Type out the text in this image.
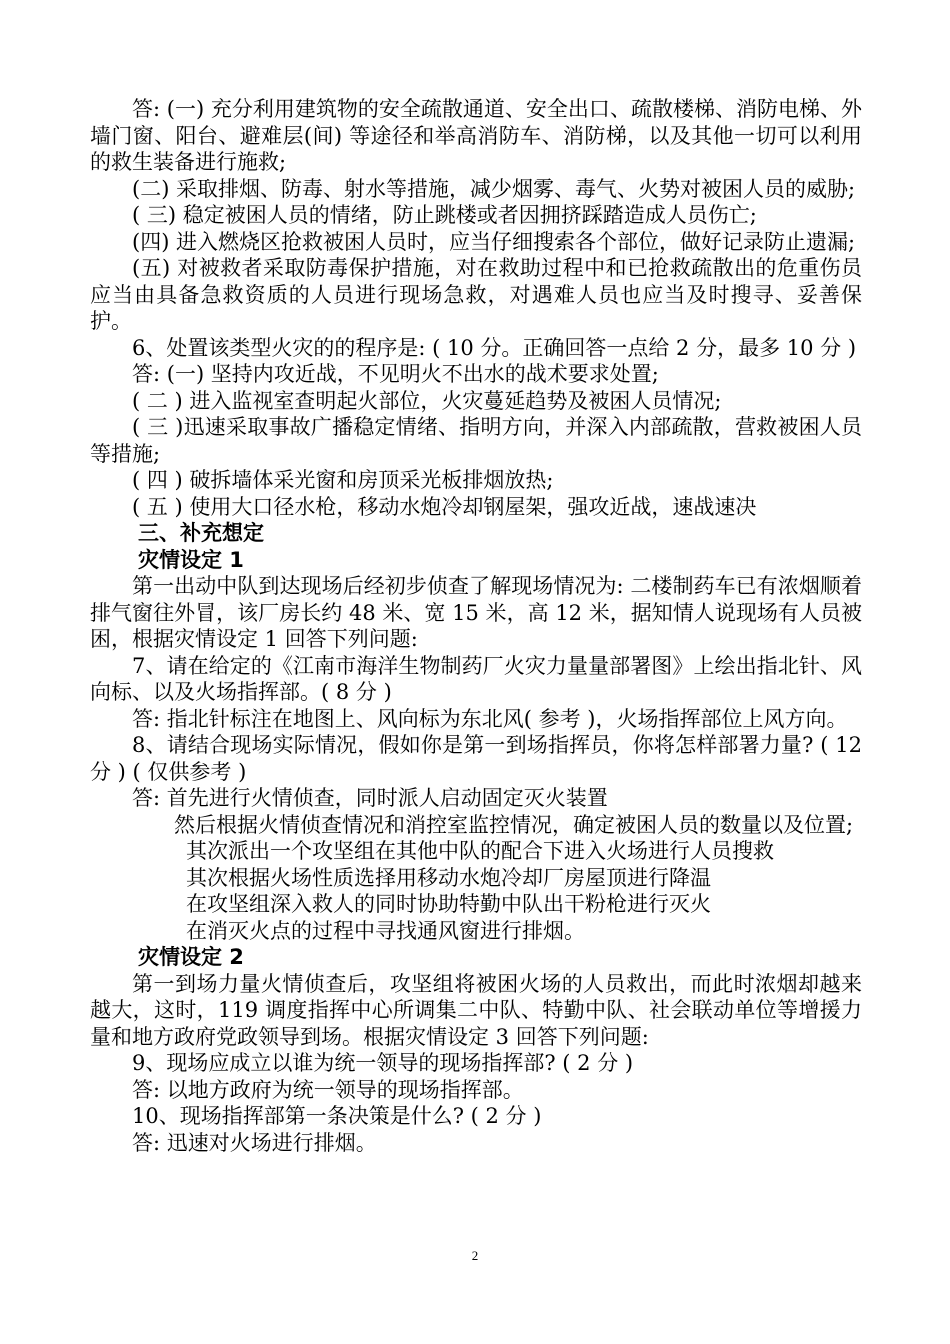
答: (一) 充分利用建筑物的安全疏散通道、安全出口、疏散楼梯、消防电梯、外墙门窗、阳台、避难层(间) 等途径和举高消防车、消防梯，以及其他一切可以利用的救生装备进行施救;

(二) 采取排烟、防毒、射水等措施，减少烟雾、毒气、火势对被困人员的威胁;

( 三) 稳定被困人员的情绪，防止跳楼或者因拥挤踩踏造成人员伤亡;

(四) 进入燃烧区抢救被困人员时，应当仔细搜索各个部位，做好记录防止遗漏;

(五) 对被救者采取防毒保护措施，对在救助过程中和已抢救疏散出的危重伤员应当由具备急救资质的人员进行现场急救，对遇难人员也应当及时搜寻、妥善保护。

6、处置该类型火灾的的程序是: ( 10 分。正确回答一点给 2 分，最多 10 分 )

答: (一) 坚持内攻近战，不见明火不出水的战术要求处置;

( 二 ) 进入监视室查明起火部位，火灾蔓延趋势及被困人员情况;

( 三 )迅速采取事故广播稳定情绪、指明方向，并深入内部疏散，营救被困人员等措施;

( 四 ) 破拆墙体采光窗和房顶采光板排烟放热;

( 五 ) 使用大口径水枪，移动水炮冷却钢屋架，强攻近战，速战速决

三、补充想定

灾情设定 1

第一出动中队到达现场后经初步侦查了解现场情况为: 二楼制药车已有浓烟顺着排气窗往外冒，该厂房长约 48 米、宽 15 米，高 12 米，据知情人说现场有人员被困，根据灾情设定 1 回答下列问题:

7、请在给定的《江南市海洋生物制药厂火灾力量量部署图》上绘出指北针、风向标、以及火场指挥部。( 8 分 )

答: 指北针标注在地图上、风向标为东北风( 参考 )，火场指挥部位上风方向。

8、请结合现场实际情况，假如你是第一到场指挥员，你将怎样部署力量? ( 12 分 ) ( 仅供参考 )

答: 首先进行火情侦查，同时派人启动固定灭火装置

然后根据火情侦查情况和消控室监控情况，确定被困人员的数量以及位置;

其次派出一个攻坚组在其他中队的配合下进入火场进行人员搜救

其次根据火场性质选择用移动水炮冷却厂房屋顶进行降温

在攻坚组深入救人的同时协助特勤中队出干粉枪进行灭火

在消灭火点的过程中寻找通风窗进行排烟。

灾情设定 2

第一到场力量火情侦查后，攻坚组将被困火场的人员救出，而此时浓烟却越来越大，这时，119 调度指挥中心所调集二中队、特勤中队、社会联动单位等增援力量和地方政府党政领导到场。根据灾情设定 3 回答下列问题:

9、现场应成立以谁为统一领导的现场指挥部? ( 2 分 )

答: 以地方政府为统一领导的现场指挥部。

10、现场指挥部第一条决策是什么? ( 2 分 )

答: 迅速对火场进行排烟。

2
